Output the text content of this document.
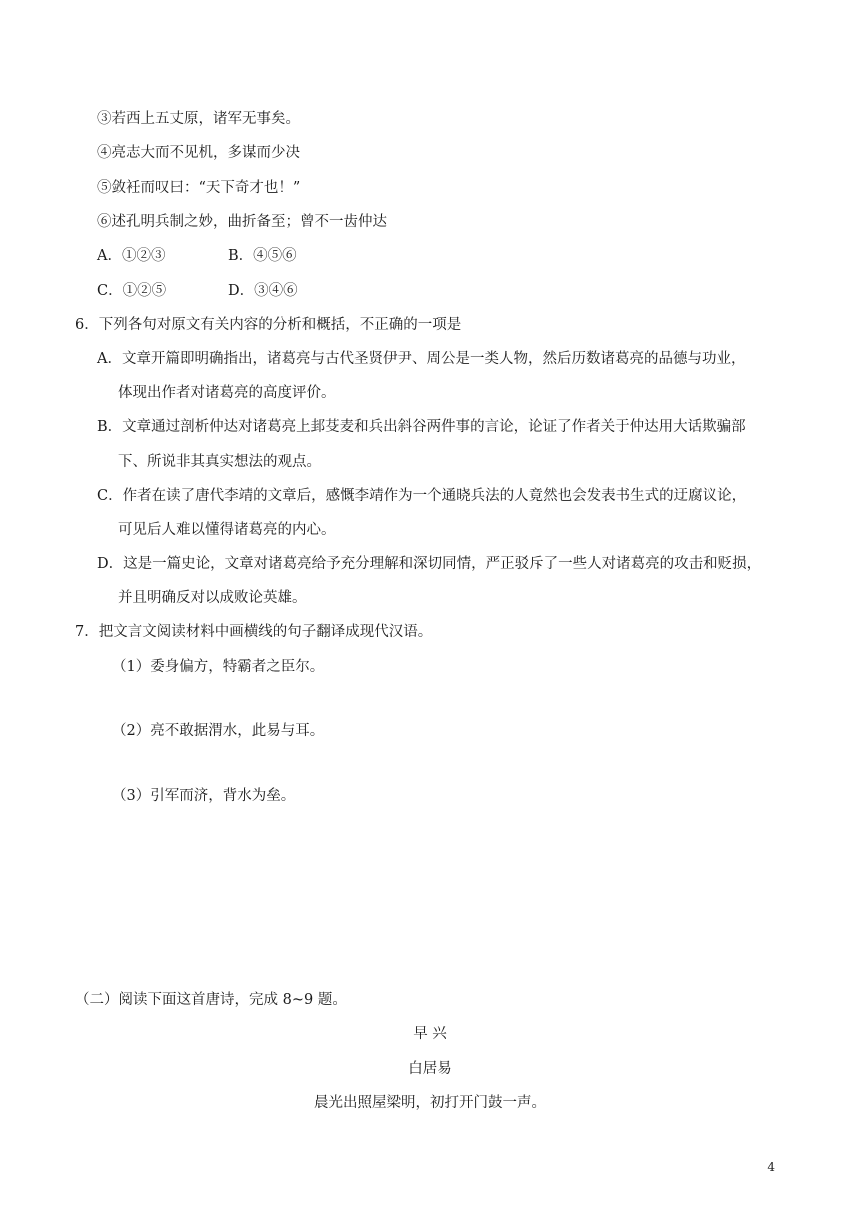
③若西上五丈原，诸军无事矣。
④亮志大而不见机，多谋而少决
⑤敛衽而叹曰：“天下奇才也！”
⑥述孔明兵制之妙，曲折备至；曾不一齿仲达
A．①②③	B．④⑤⑥
C．①②⑤	D．③④⑥
6．下列各句对原文有关内容的分析和概括，不正确的一项是
A．文章开篇即明确指出，诸葛亮与古代圣贤伊尹、周公是一类人物，然后历数诸葛亮的品德与功业，
体现出作者对诸葛亮的高度评价。
B．文章通过剖析仲达对诸葛亮上邽芟麦和兵出斜谷两件事的言论，论证了作者关于仲达用大话欺骗部
下、所说非其真实想法的观点。
C．作者在读了唐代李靖的文章后，感慨李靖作为一个通晓兵法的人竟然也会发表书生式的迂腐议论，
可见后人难以懂得诸葛亮的内心。
D．这是一篇史论，文章对诸葛亮给予充分理解和深切同情，严正驳斥了一些人对诸葛亮的攻击和贬损，
并且明确反对以成败论英雄。
7．把文言文阅读材料中画横线的句子翻译成现代汉语。
（1）委身偏方，特霸者之臣尔。
（2）亮不敢据渭水，此易与耳。
（3）引军而济，背水为垒。
（二）阅读下面这首唐诗，完成 8~9 题。
早 兴
白居易
晨光出照屋梁明，初打开门鼓一声。
4
